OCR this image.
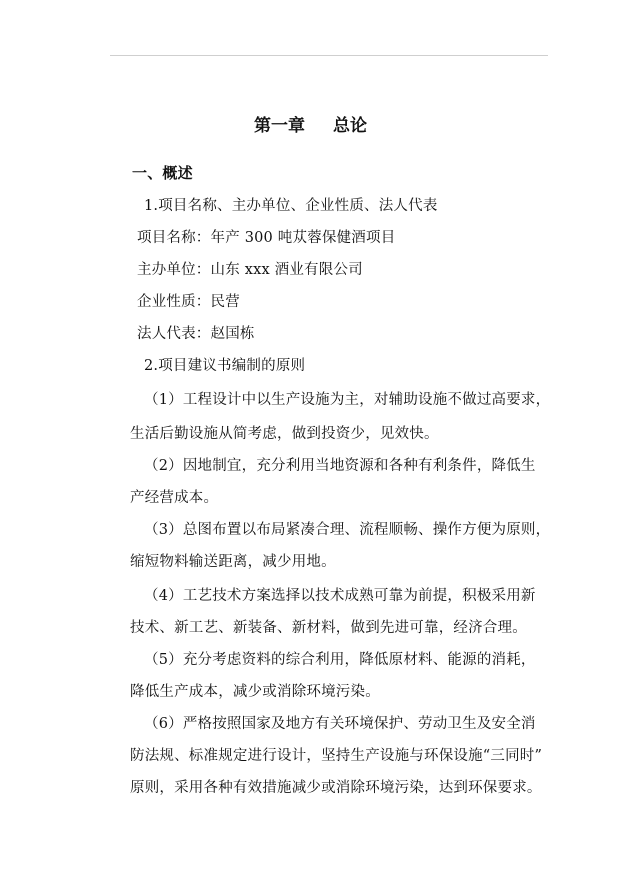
第一章 总论
一、概述
1.项目名称、主办单位、企业性质、法人代表
项目名称：年产 300 吨苁蓉保健酒项目
主办单位：山东 xxx 酒业有限公司
企业性质：民营
法人代表：赵国栋
2.项目建议书编制的原则
（1）工程设计中以生产设施为主，对辅助设施不做过高要求，
生活后勤设施从简考虑，做到投资少，见效快。
（2）因地制宜，充分利用当地资源和各种有利条件，降低生
产经营成本。
（3）总图布置以布局紧凑合理、流程顺畅、操作方便为原则，
缩短物料输送距离，减少用地。
（4）工艺技术方案选择以技术成熟可靠为前提，积极采用新
技术、新工艺、新装备、新材料，做到先进可靠，经济合理。
（5）充分考虑资料的综合利用，降低原材料、能源的消耗，
降低生产成本，减少或消除环境污染。
（6）严格按照国家及地方有关环境保护、劳动卫生及安全消
防法规、标准规定进行设计，坚持生产设施与环保设施“三同时”
原则，采用各种有效措施减少或消除环境污染，达到环保要求。
